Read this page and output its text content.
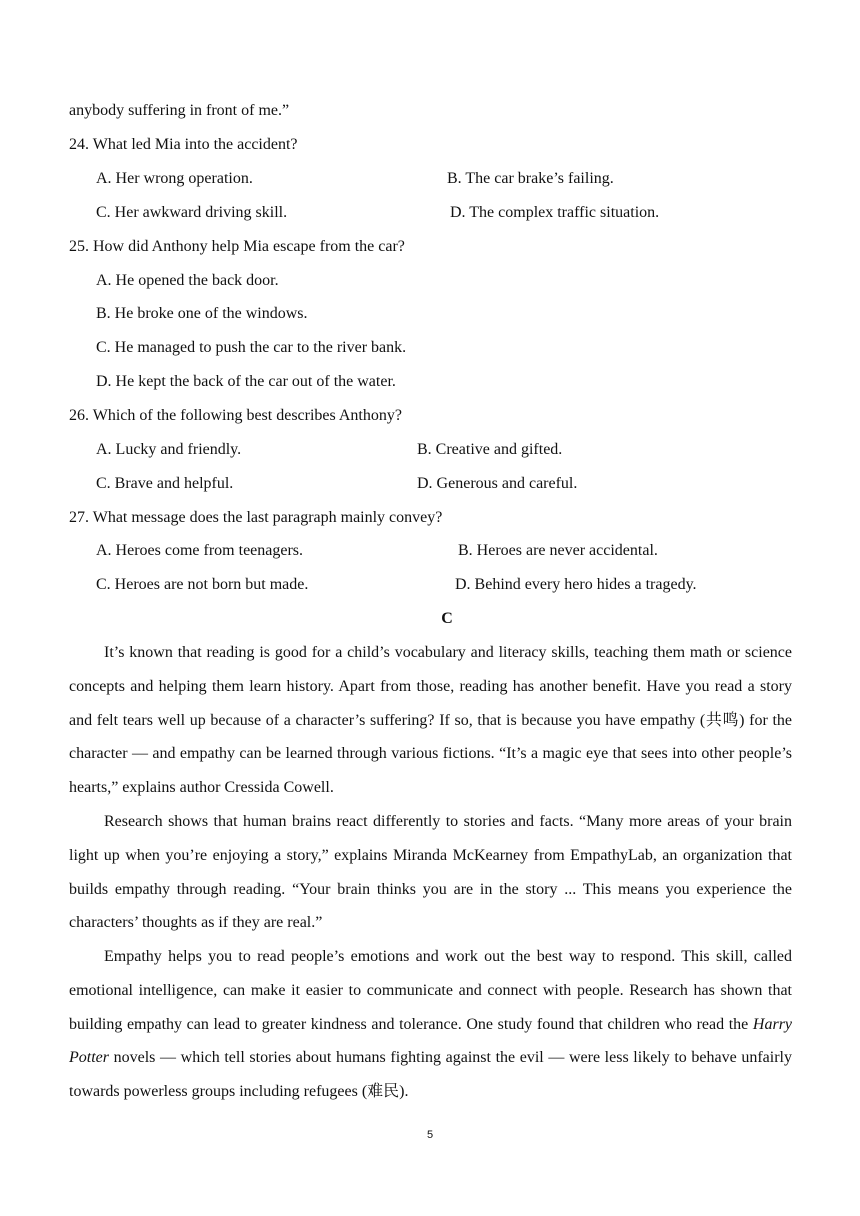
anybody suffering in front of me.”
24. What led Mia into the accident?
A. Her wrong operation.	B. The car brake’s failing.
C. Her awkward driving skill.	D. The complex traffic situation.
25. How did Anthony help Mia escape from the car?
A. He opened the back door.
B. He broke one of the windows.
C. He managed to push the car to the river bank.
D. He kept the back of the car out of the water.
26. Which of the following best describes Anthony?
A. Lucky and friendly.	B. Creative and gifted.
C. Brave and helpful.	D. Generous and careful.
27. What message does the last paragraph mainly convey?
A. Heroes come from teenagers.	B. Heroes are never accidental.
C. Heroes are not born but made.	D. Behind every hero hides a tragedy.
C

It’s known that reading is good for a child’s vocabulary and literacy skills, teaching them math or science concepts and helping them learn history. Apart from those, reading has another benefit. Have you read a story and felt tears well up because of a character’s suffering? If so, that is because you have empathy (共鸣) for the character — and empathy can be learned through various fictions. “It’s a magic eye that sees into other people’s hearts,” explains author Cressida Cowell.

Research shows that human brains react differently to stories and facts. “Many more areas of your brain light up when you’re enjoying a story,” explains Miranda McKearney from EmpathyLab, an organization that builds empathy through reading. “Your brain thinks you are in the story ... This means you experience the characters’ thoughts as if they are real.”

Empathy helps you to read people’s emotions and work out the best way to respond. This skill, called emotional intelligence, can make it easier to communicate and connect with people. Research has shown that building empathy can lead to greater kindness and tolerance. One study found that children who read the Harry Potter novels — which tell stories about humans fighting against the evil — were less likely to behave unfairly towards powerless groups including refugees (难民).

5
